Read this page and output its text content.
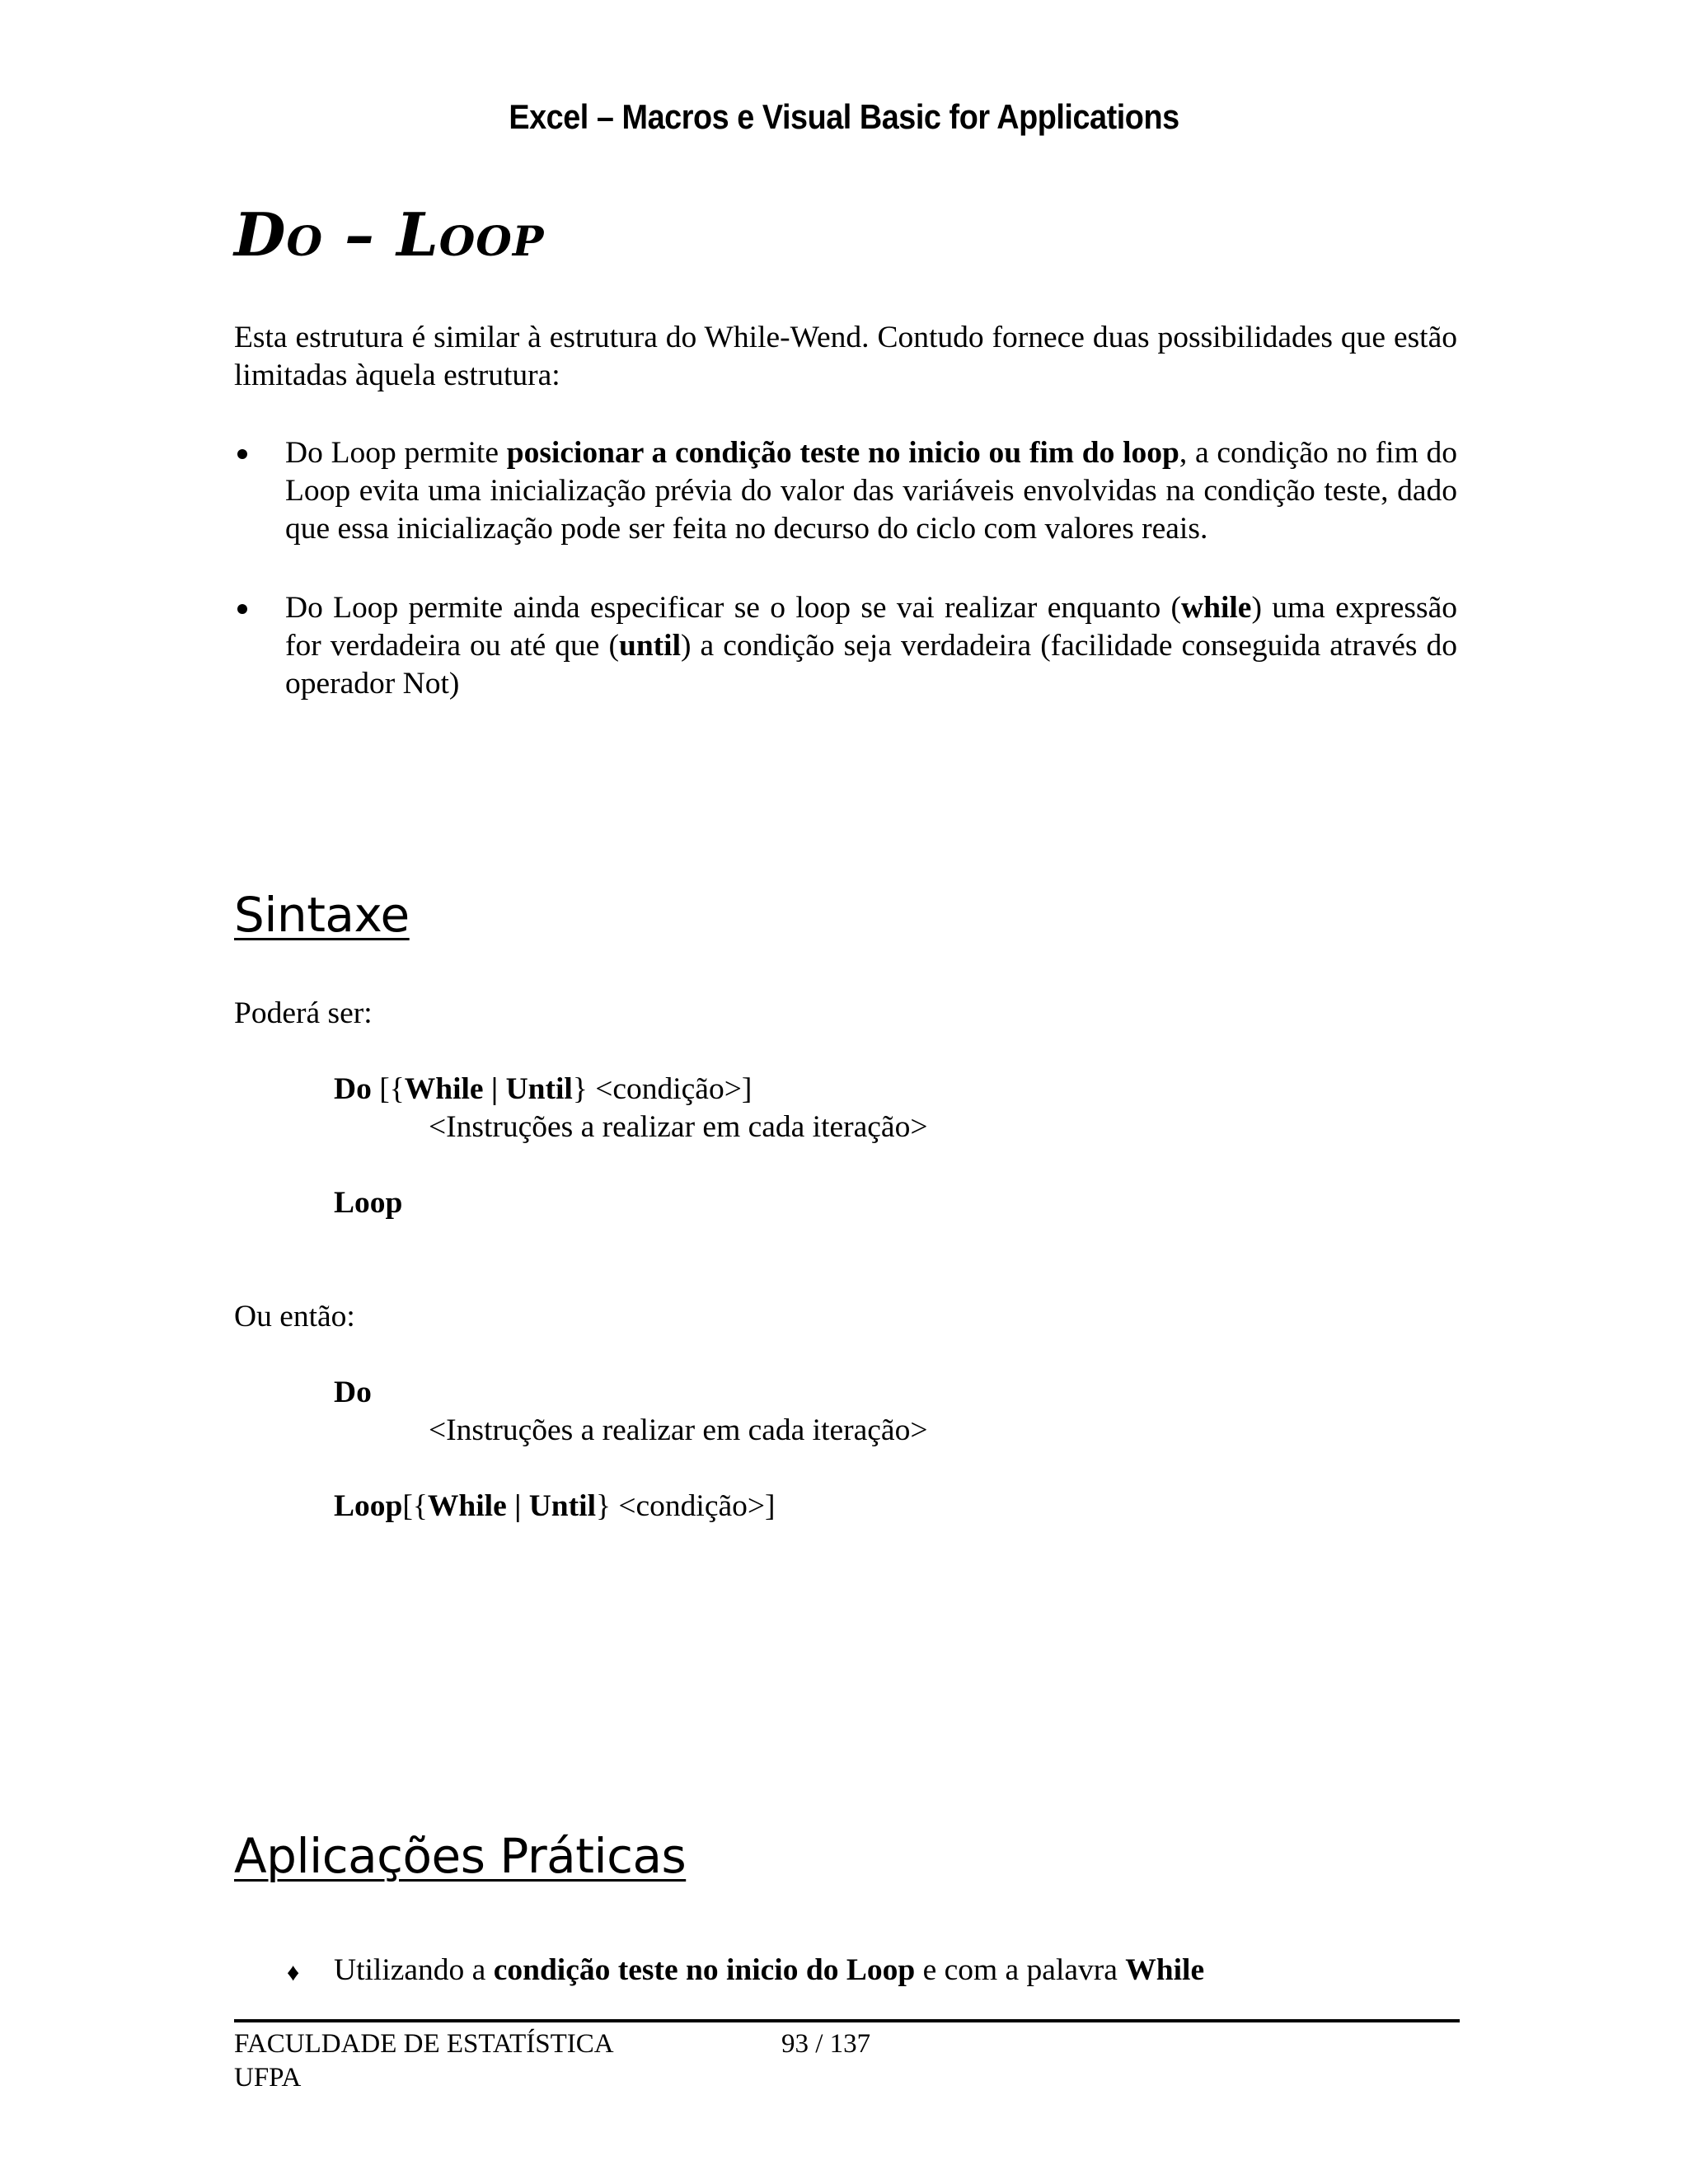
Excel – Macros e Visual Basic for Applications
Do – Loop

Esta estrutura é similar à estrutura do While-Wend. Contudo fornece duas possibilidades que estão limitadas àquela estrutura:

Do Loop permite posicionar a condição teste no inicio ou fim do loop, a condição no fim do Loop evita uma inicialização prévia do valor das variáveis envolvidas na condição teste, dado que essa inicialização pode ser feita no decurso do ciclo com valores reais.
Do Loop permite ainda especificar se o loop se vai realizar enquanto (while) uma expressão for verdadeira ou até que (until) a condição seja verdadeira (facilidade conseguida através do operador Not)
Sintaxe

Poderá ser:

Do [{While | Until} <condição>]

<Instruções a realizar em cada iteração>

Loop

Ou então:

Do

<Instruções a realizar em cada iteração>

Loop[{While | Until} <condição>]

Aplicações Práticas
♦ Utilizando a condição teste no inicio do Loop e com a palavra While

FACULDADE DE ESTATÍSTICA
UFPA
93 / 137
